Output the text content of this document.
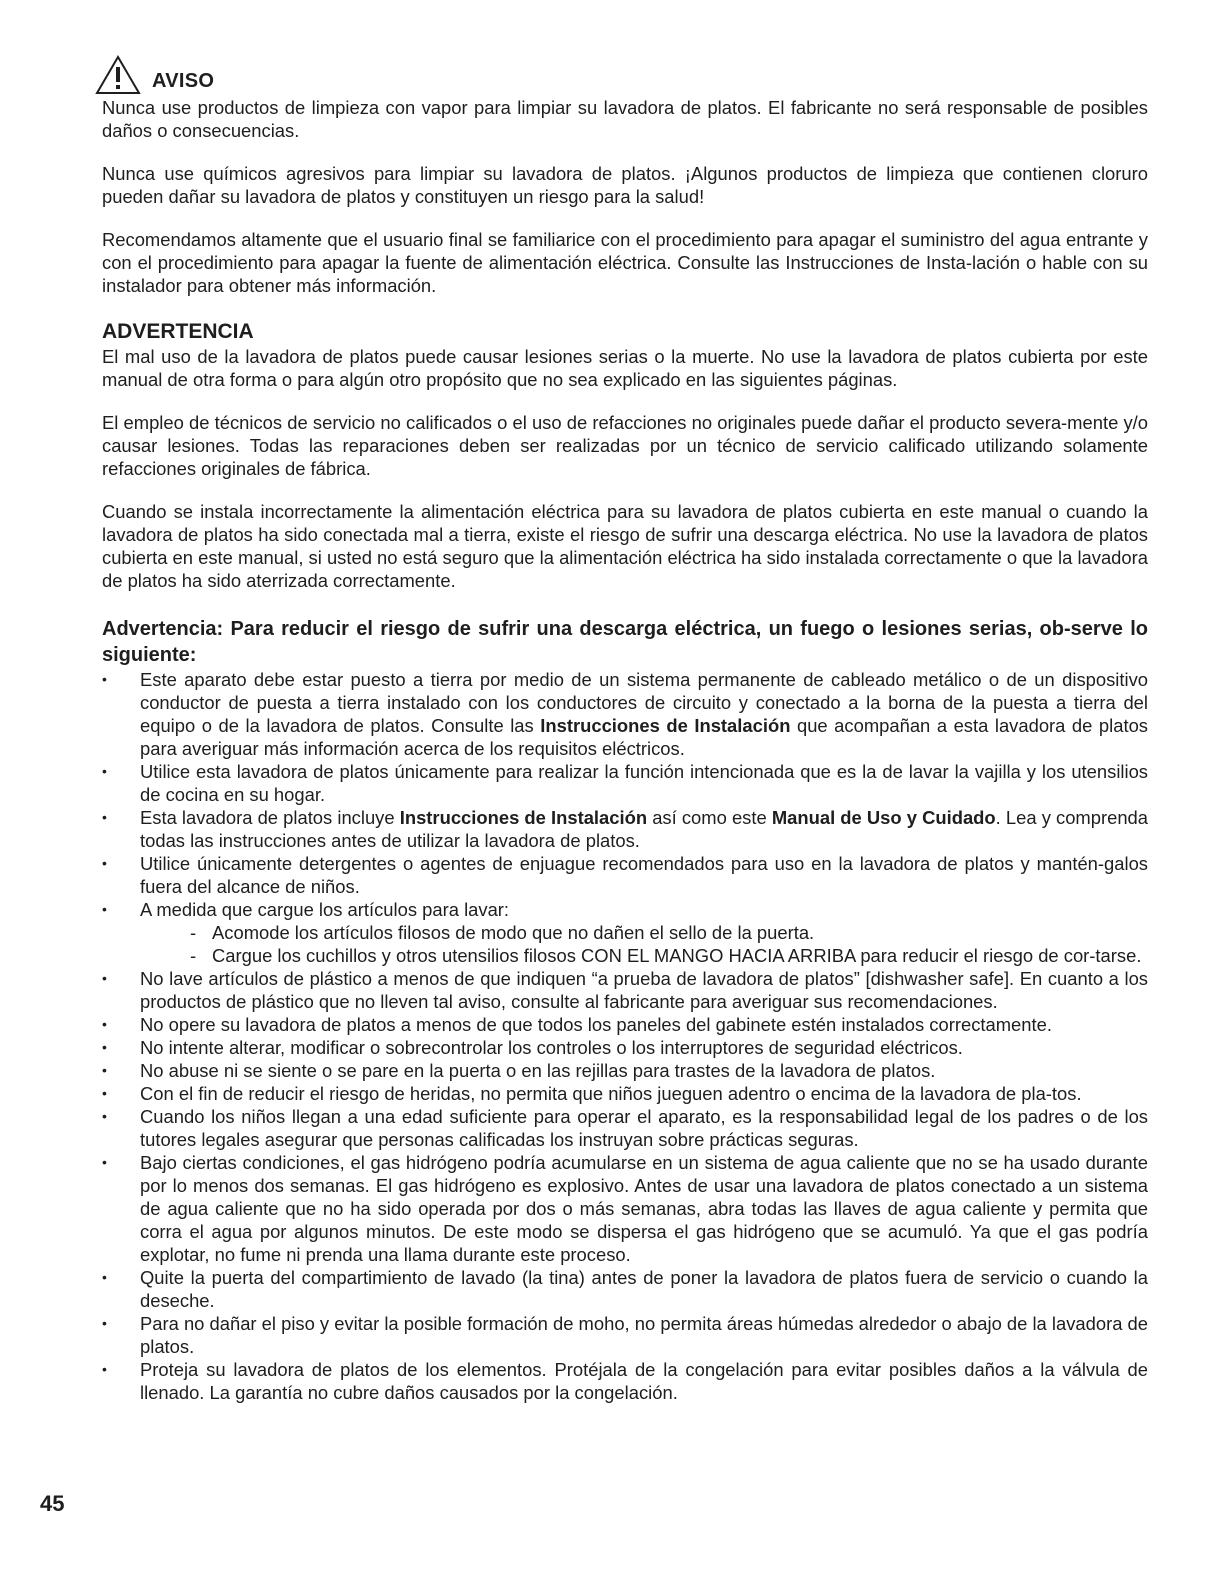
AVISO

Nunca use productos de limpieza con vapor para limpiar su lavadora de platos. El fabricante no será responsable de posibles daños o consecuencias.

Nunca use químicos agresivos para limpiar su lavadora de platos. ¡Algunos productos de limpieza que contienen cloruro pueden dañar su lavadora de platos y constituyen un riesgo para la salud!

Recomendamos altamente que el usuario final se familiarice con el procedimiento para apagar el suministro del agua entrante y con el procedimiento para apagar la fuente de alimentación eléctrica. Consulte las Instrucciones de Insta-lación o hable con su instalador para obtener más información.

ADVERTENCIA

El mal uso de la lavadora de platos puede causar lesiones serias o la muerte. No use la lavadora de platos cubierta por este manual de otra forma o para algún otro propósito que no sea explicado en las siguientes páginas.

El empleo de técnicos de servicio no calificados o el uso de refacciones no originales puede dañar el producto severa-mente y/o causar lesiones. Todas las reparaciones deben ser realizadas por un técnico de servicio calificado utilizando solamente refacciones originales de fábrica.

Cuando se instala incorrectamente la alimentación eléctrica para su lavadora de platos cubierta en este manual o cuando la lavadora de platos ha sido conectada mal a tierra, existe el riesgo de sufrir una descarga eléctrica. No use la lavadora de platos cubierta en este manual, si usted no está seguro que la alimentación eléctrica ha sido instalada correctamente o que la lavadora de platos ha sido aterrizada correctamente.

Advertencia: Para reducir el riesgo de sufrir una descarga eléctrica, un fuego o lesiones serias, ob-serve lo siguiente:
• Este aparato debe estar puesto a tierra por medio de un sistema permanente de cableado metálico o de un dispositivo conductor de puesta a tierra instalado con los conductores de circuito y conectado a la borna de la puesta a tierra del equipo o de la lavadora de platos. Consulte las Instrucciones de Instalación que acompañan a esta lavadora de platos para averiguar más información acerca de los requisitos eléctricos.
• Utilice esta lavadora de platos únicamente para realizar la función intencionada que es la de lavar la vajilla y los utensilios de cocina en su hogar.
• Esta lavadora de platos incluye Instrucciones de Instalación así como este Manual de Uso y Cuidado. Lea y comprenda todas las instrucciones antes de utilizar la lavadora de platos.
• Utilice únicamente detergentes o agentes de enjuague recomendados para uso en la lavadora de platos y mantén-galos fuera del alcance de niños.
• A medida que cargue los artículos para lavar:
- Acomode los artículos filosos de modo que no dañen el sello de la puerta.
- Cargue los cuchillos y otros utensilios filosos CON EL MANGO HACIA ARRIBA para reducir el riesgo de cor-tarse.
• No lave artículos de plástico a menos de que indiquen “a prueba de lavadora de platos” [dishwasher safe]. En cuanto a los productos de plástico que no lleven tal aviso, consulte al fabricante para averiguar sus recomendaciones.
• No opere su lavadora de platos a menos de que todos los paneles del gabinete estén instalados correctamente.
• No intente alterar, modificar o sobrecontrolar los controles o los interruptores de seguridad eléctricos.
• No abuse ni se siente o se pare en la puerta o en las rejillas para trastes de la lavadora de platos.
• Con el fin de reducir el riesgo de heridas, no permita que niños jueguen adentro o encima de la lavadora de pla-tos.
• Cuando los niños llegan a una edad suficiente para operar el aparato, es la responsabilidad legal de los padres o de los tutores legales asegurar que personas calificadas los instruyan sobre prácticas seguras.
• Bajo ciertas condiciones, el gas hidrógeno podría acumularse en un sistema de agua caliente que no se ha usado durante por lo menos dos semanas. El gas hidrógeno es explosivo. Antes de usar una lavadora de platos conectado a un sistema de agua caliente que no ha sido operada por dos o más semanas, abra todas las llaves de agua caliente y permita que corra el agua por algunos minutos. De este modo se dispersa el gas hidrógeno que se acumuló. Ya que el gas podría explotar, no fume ni prenda una llama durante este proceso.
• Quite la puerta del compartimiento de lavado (la tina) antes de poner la lavadora de platos fuera de servicio o cuando la deseche.
• Para no dañar el piso y evitar la posible formación de moho, no permita áreas húmedas alrededor o abajo de la lavadora de platos.
• Proteja su lavadora de platos de los elementos. Protéjala de la congelación para evitar posibles daños a la válvula de llenado. La garantía no cubre daños causados por la congelación.
45
